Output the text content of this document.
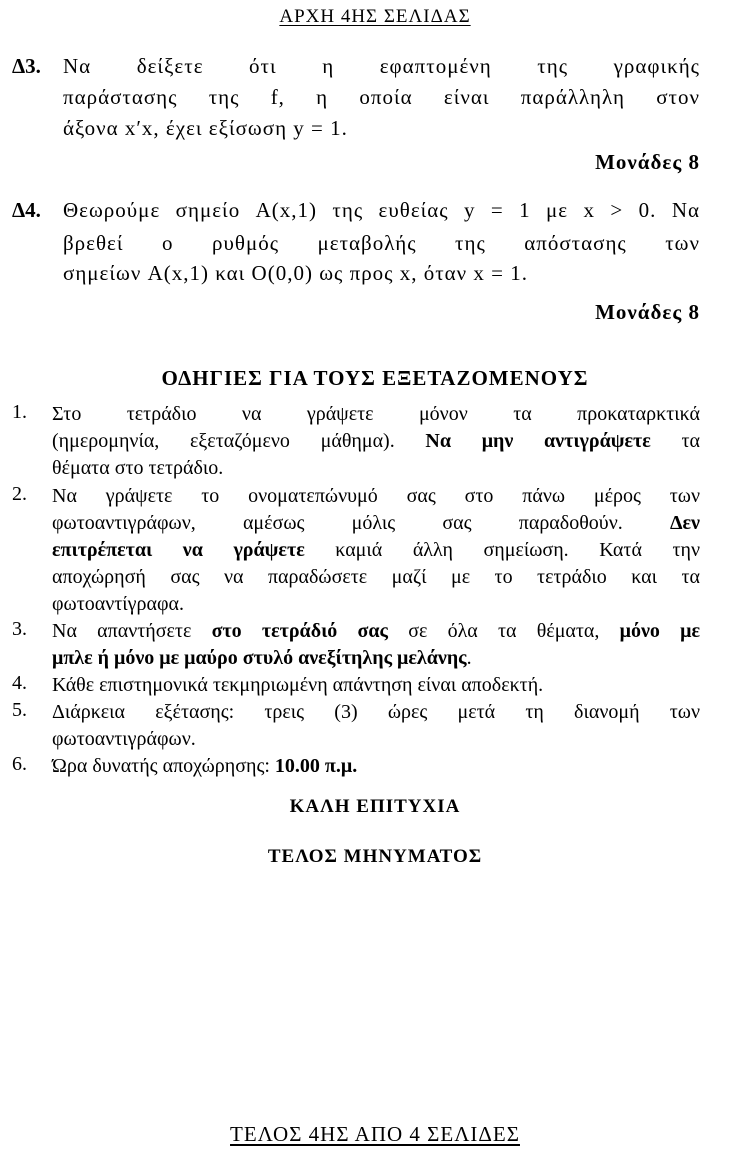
ΑΡΧΗ 4ΗΣ ΣΕΛΙΔΑΣ
Δ3. Να δείξετε ότι η εφαπτομένη της γραφικής
παράστασης της f, η οποία είναι παράλληλη στον
άξονα x′x, έχει εξίσωση y = 1.
Μονάδες 8
Δ4. Θεωρούμε σημείο A(x,1) της ευθείας y = 1 με x > 0. Να
βρεθεί ο ρυθμός μεταβολής της απόστασης των
σημείων A(x,1) και O(0,0) ως προς x, όταν x = 1.
Μονάδες 8
ΟΔΗΓΙΕΣ ΓΙΑ ΤΟΥΣ ΕΞΕΤΑΖΟΜΕΝΟΥΣ
1. Στο τετράδιο να γράψετε μόνον τα προκαταρκτικά
(ημερομηνία, εξεταζόμενο μάθημα). Να μην αντιγράψετε τα
θέματα στο τετράδιο.
2. Να γράψετε το ονοματεπώνυμό σας στο πάνω μέρος των
φωτοαντιγράφων, αμέσως μόλις σας παραδοθούν. Δεν
επιτρέπεται να γράψετε καμιά άλλη σημείωση. Κατά την
αποχώρησή σας να παραδώσετε μαζί με το τετράδιο και τα
φωτοαντίγραφα.
3. Να απαντήσετε στο τετράδιό σας σε όλα τα θέματα, μόνο με
μπλε ή μόνο με μαύρο στυλό ανεξίτηλης μελάνης.
4. Κάθε επιστημονικά τεκμηριωμένη απάντηση είναι αποδεκτή.
5. Διάρκεια εξέτασης: τρεις (3) ώρες μετά τη διανομή των
φωτοαντιγράφων.
6. Ώρα δυνατής αποχώρησης: 10.00 π.μ.
ΚΑΛΗ ΕΠΙΤΥΧΙΑ
ΤΕΛΟΣ ΜΗΝΥΜΑΤΟΣ
ΤΕΛΟΣ 4ΗΣ ΑΠΟ 4 ΣΕΛΙΔΕΣ
